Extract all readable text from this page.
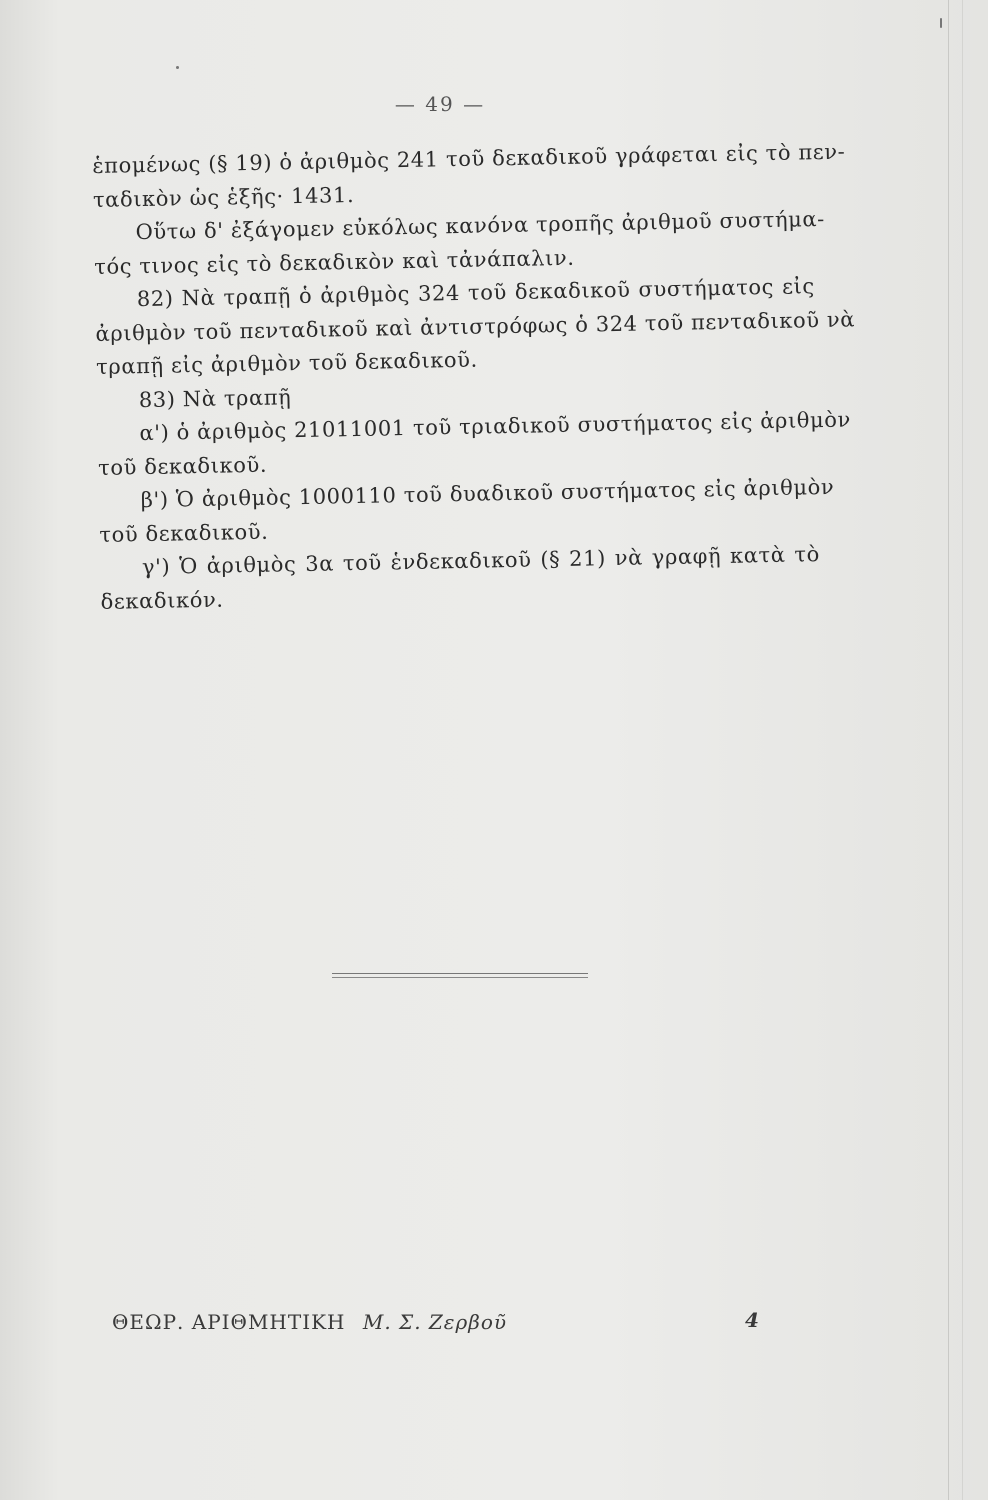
— 49 —
ἑπομένως (§ 19) ὁ ἀριθμὸς 241 τοῦ δεκαδικοῦ γράφεται εἰς τὸ πεν-
ταδικὸν ὡς ἑξῆς· 1431.
Οὕτω δ' ἐξάγομεν εὐκόλως κανόνα τροπῆς ἀριθμοῦ συστήμα-
τός τινος εἰς τὸ δεκαδικὸν καὶ τἀνάπαλιν.
82) Νὰ τραπῇ ὁ ἀριθμὸς 324 τοῦ δεκαδικοῦ συστήματος εἰς
ἀριθμὸν τοῦ πενταδικοῦ καὶ ἀντιστρόφως ὁ 324 τοῦ πενταδικοῦ νὰ
τραπῇ εἰς ἀριθμὸν τοῦ δεκαδικοῦ.
83) Νὰ τραπῇ
α') ὁ ἀριθμὸς 21011001 τοῦ τριαδικοῦ συστήματος εἰς ἀριθμὸν
τοῦ δεκαδικοῦ.
β') Ὁ ἀριθμὸς 1000110 τοῦ δυαδικοῦ συστήματος εἰς ἀριθμὸν
τοῦ δεκαδικοῦ.
γ') Ὁ ἀριθμὸς 3α τοῦ ἑνδεκαδικοῦ (§ 21) νὰ γραφῇ κατὰ τὸ
δεκαδικόν.
ΘΕΩΡ. ΑΡΙΘΜΗΤΙΚΗ Μ. Σ. Ζερβοῦ	4
